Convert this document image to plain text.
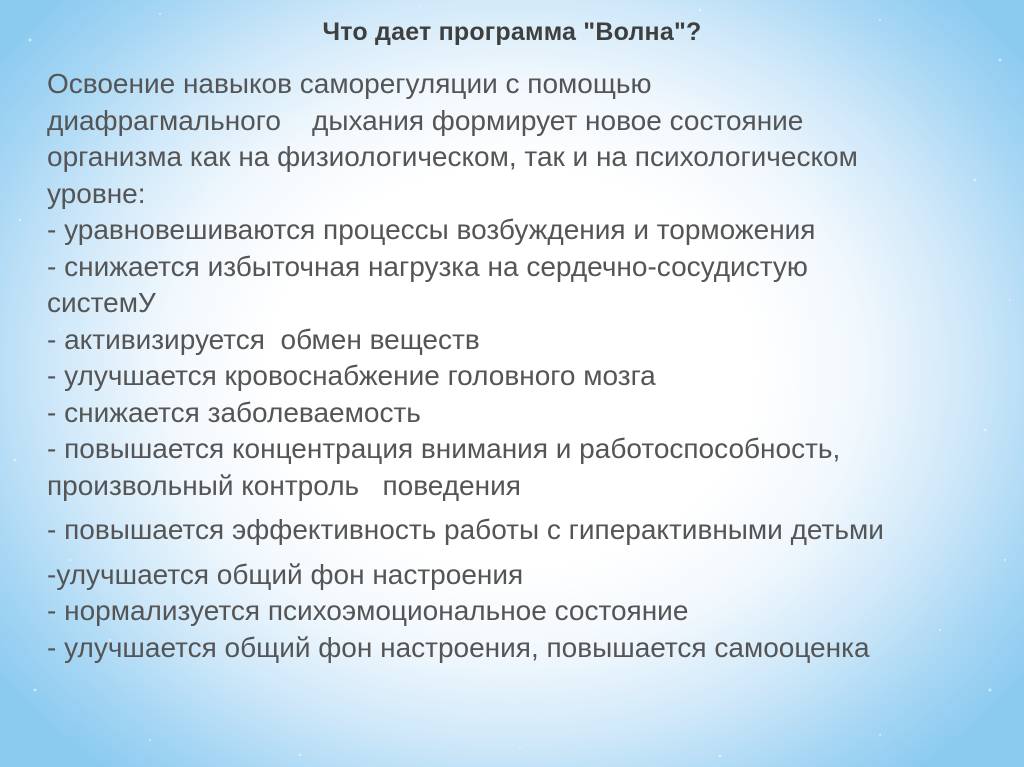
Что дает программа "Волна"?
Освоение навыков саморегуляции с помощью
диафрагмального    дыхания формирует новое состояние
организма как на физиологическом, так и на психологическом
уровне:
- уравновешиваются процессы возбуждения и торможения
- снижается избыточная нагрузка на сердечно-сосудистую
системУ
- активизируется  обмен веществ
- улучшается кровоснабжение головного мозга
- снижается заболеваемость
- повышается концентрация внимания и работоспособность,
произвольный контроль   поведения
- повышается эффективность работы с гиперактивными детьми
-улучшается общий фон настроения
- нормализуется психоэмоциональное состояние
- улучшается общий фон настроения, повышается самооценка
